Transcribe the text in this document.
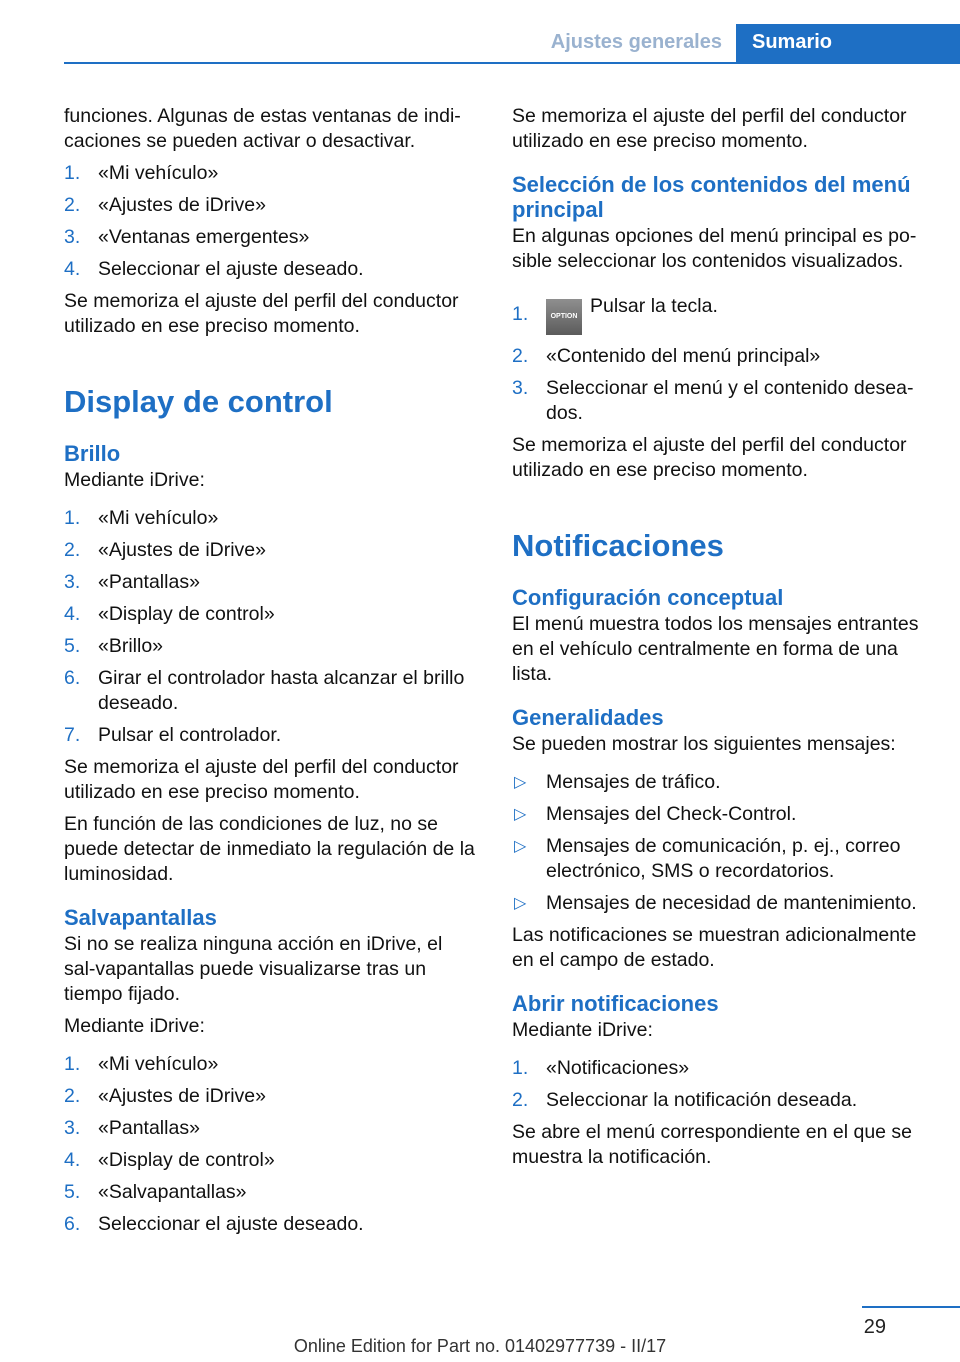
Ajustes generales	Sumario

funciones. Algunas de estas ventanas de indi-caciones se pueden activar o desactivar.

1. «Mi vehículo»
2. «Ajustes de iDrive»
3. «Ventanas emergentes»
4. Seleccionar el ajuste deseado.

Se memoriza el ajuste del perfil del conductor utilizado en ese preciso momento.

Display de control
Brillo

Mediante iDrive:

1. «Mi vehículo»
2. «Ajustes de iDrive»
3. «Pantallas»
4. «Display de control»
5. «Brillo»
6. Girar el controlador hasta alcanzar el brillo deseado.
7. Pulsar el controlador.

Se memoriza el ajuste del perfil del conductor utilizado en ese preciso momento.

En función de las condiciones de luz, no se puede detectar de inmediato la regulación de la luminosidad.

Salvapantallas

Si no se realiza ninguna acción en iDrive, el sal-vapantallas puede visualizarse tras un tiempo fijado.

Mediante iDrive:

1. «Mi vehículo»
2. «Ajustes de iDrive»
3. «Pantallas»
4. «Display de control»
5. «Salvapantallas»
6. Seleccionar el ajuste deseado.

Se memoriza el ajuste del perfil del conductor utilizado en ese preciso momento.

Selección de los contenidos del menú principal

En algunas opciones del menú principal es po-sible seleccionar los contenidos visualizados.

1.	OPTION Pulsar la tecla.
2. «Contenido del menú principal»
3. Seleccionar el menú y el contenido desea-dos.

Se memoriza el ajuste del perfil del conductor utilizado en ese preciso momento.

Notificaciones
Configuración conceptual

El menú muestra todos los mensajes entrantes en el vehículo centralmente en forma de una lista.

Generalidades

Se pueden mostrar los siguientes mensajes:

▷ Mensajes de tráfico.
▷ Mensajes del Check-Control.
▷ Mensajes de comunicación, p. ej., correo electrónico, SMS o recordatorios.
▷ Mensajes de necesidad de mantenimiento.

Las notificaciones se muestran adicionalmente en el campo de estado.

Abrir notificaciones

Mediante iDrive:

1. «Notificaciones»
2. Seleccionar la notificación deseada.

Se abre el menú correspondiente en el que se muestra la notificación.

29
Online Edition for Part no. 01402977739 - II/17
